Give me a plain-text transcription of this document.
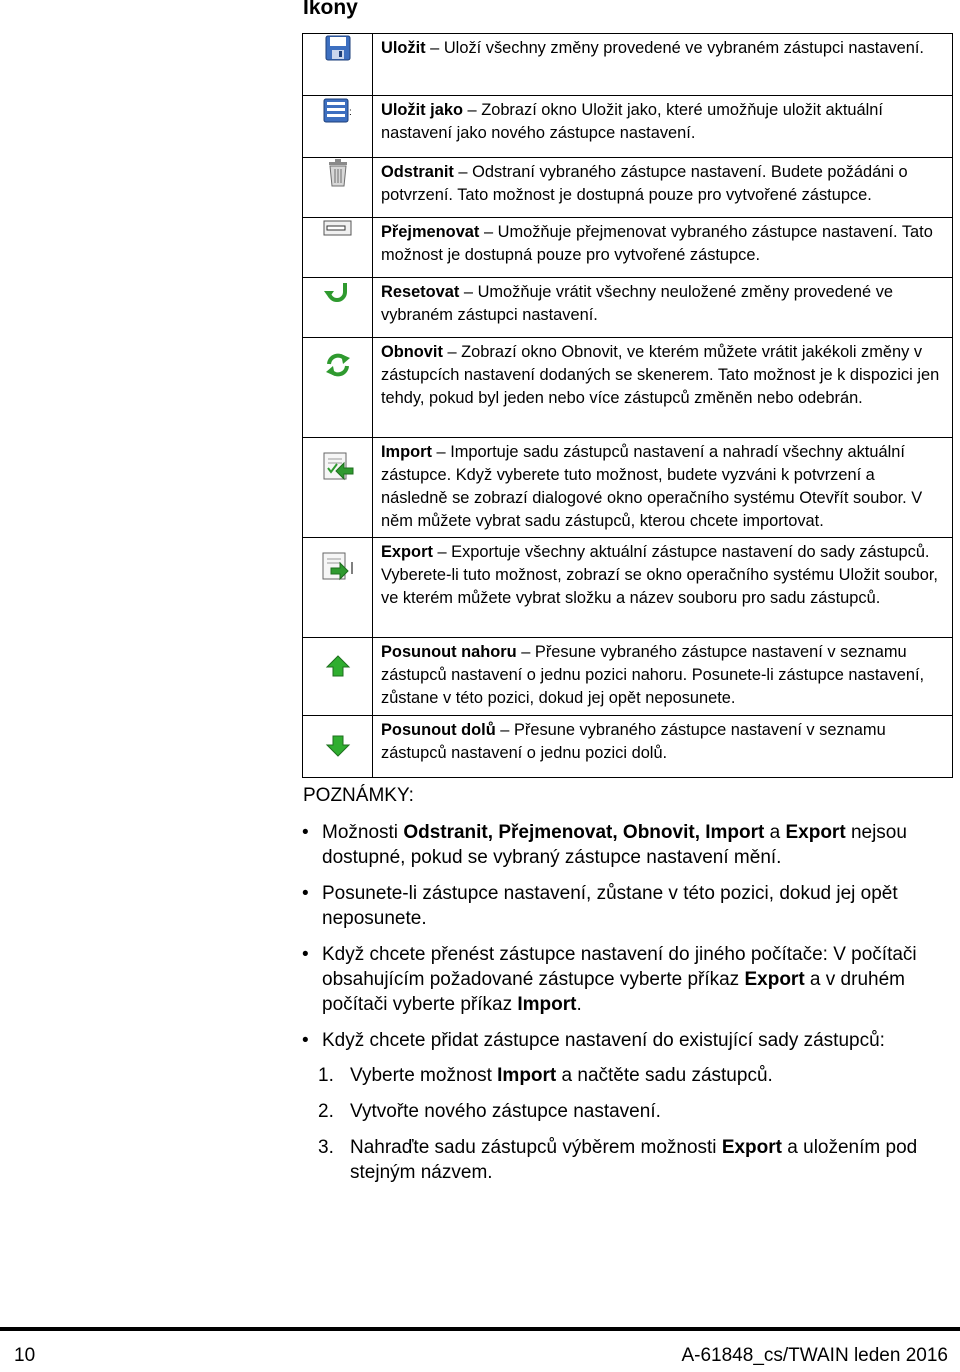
Ikony
	Uložit – Uloží všechny změny provedené ve vybraném zástupci nastavení.

:	Uložit jako – Zobrazí okno Uložit jako, které umožňuje uložit aktuální nastavení jako nového zástupce nastavení.

	Odstranit – Odstraní vybraného zástupce nastavení. Budete požádáni o potvrzení. Tato možnost je dostupná pouze pro vytvořené zástupce.

	Přejmenovat – Umožňuje přejmenovat vybraného zástupce nastavení. Tato možnost je dostupná pouze pro vytvořené zástupce.

	Resetovat – Umožňuje vrátit všechny neuložené změny provedené ve vybraném zástupci nastavení.

	Obnovit – Zobrazí okno Obnovit, ve kterém můžete vrátit jakékoli změny v zástupcích nastavení dodaných se skenerem. Tato možnost je k dispozici jen tehdy, pokud byl jeden nebo více zástupců změněn nebo odebrán.

	Import – Importuje sadu zástupců nastavení a nahradí všechny aktuální zástupce. Když vyberete tuto možnost, budete vyzváni k potvrzení a následně se zobrazí dialogové okno operačního systému Otevřít soubor. V něm můžete vybrat sadu zástupců, kterou chcete importovat.

	Export – Exportuje všechny aktuální zástupce nastavení do sady zástupců. Vyberete-li tuto možnost, zobrazí se okno operačního systému Uložit soubor, ve kterém můžete vybrat složku a název souboru pro sadu zástupců.

	Posunout nahoru – Přesune vybraného zástupce nastavení v seznamu zástupců nastavení o jednu pozici nahoru. Posunete-li zástupce nastavení, zůstane v této pozici, dokud jej opět neposunete.

	Posunout dolů – Přesune vybraného zástupce nastavení v seznamu zástupců nastavení o jednu pozici dolů.
POZNÁMKY:
• Možnosti Odstranit, Přejmenovat, Obnovit, Import a Export nejsou dostupné, pokud se vybraný zástupce nastavení mění.
• Posunete-li zástupce nastavení, zůstane v této pozici, dokud jej opět neposunete.
• Když chcete přenést zástupce nastavení do jiného počítače: V počítači obsahujícím požadované zástupce vyberte příkaz Export a v druhém počítači vyberte příkaz Import.
• Když chcete přidat zástupce nastavení do existující sady zástupců:
1. Vyberte možnost Import a načtěte sadu zástupců.
2. Vytvořte nového zástupce nastavení.
3. Nahraďte sadu zástupců výběrem možnosti Export a uložením pod stejným názvem.
10	A-61848_cs/TWAIN leden 2016
